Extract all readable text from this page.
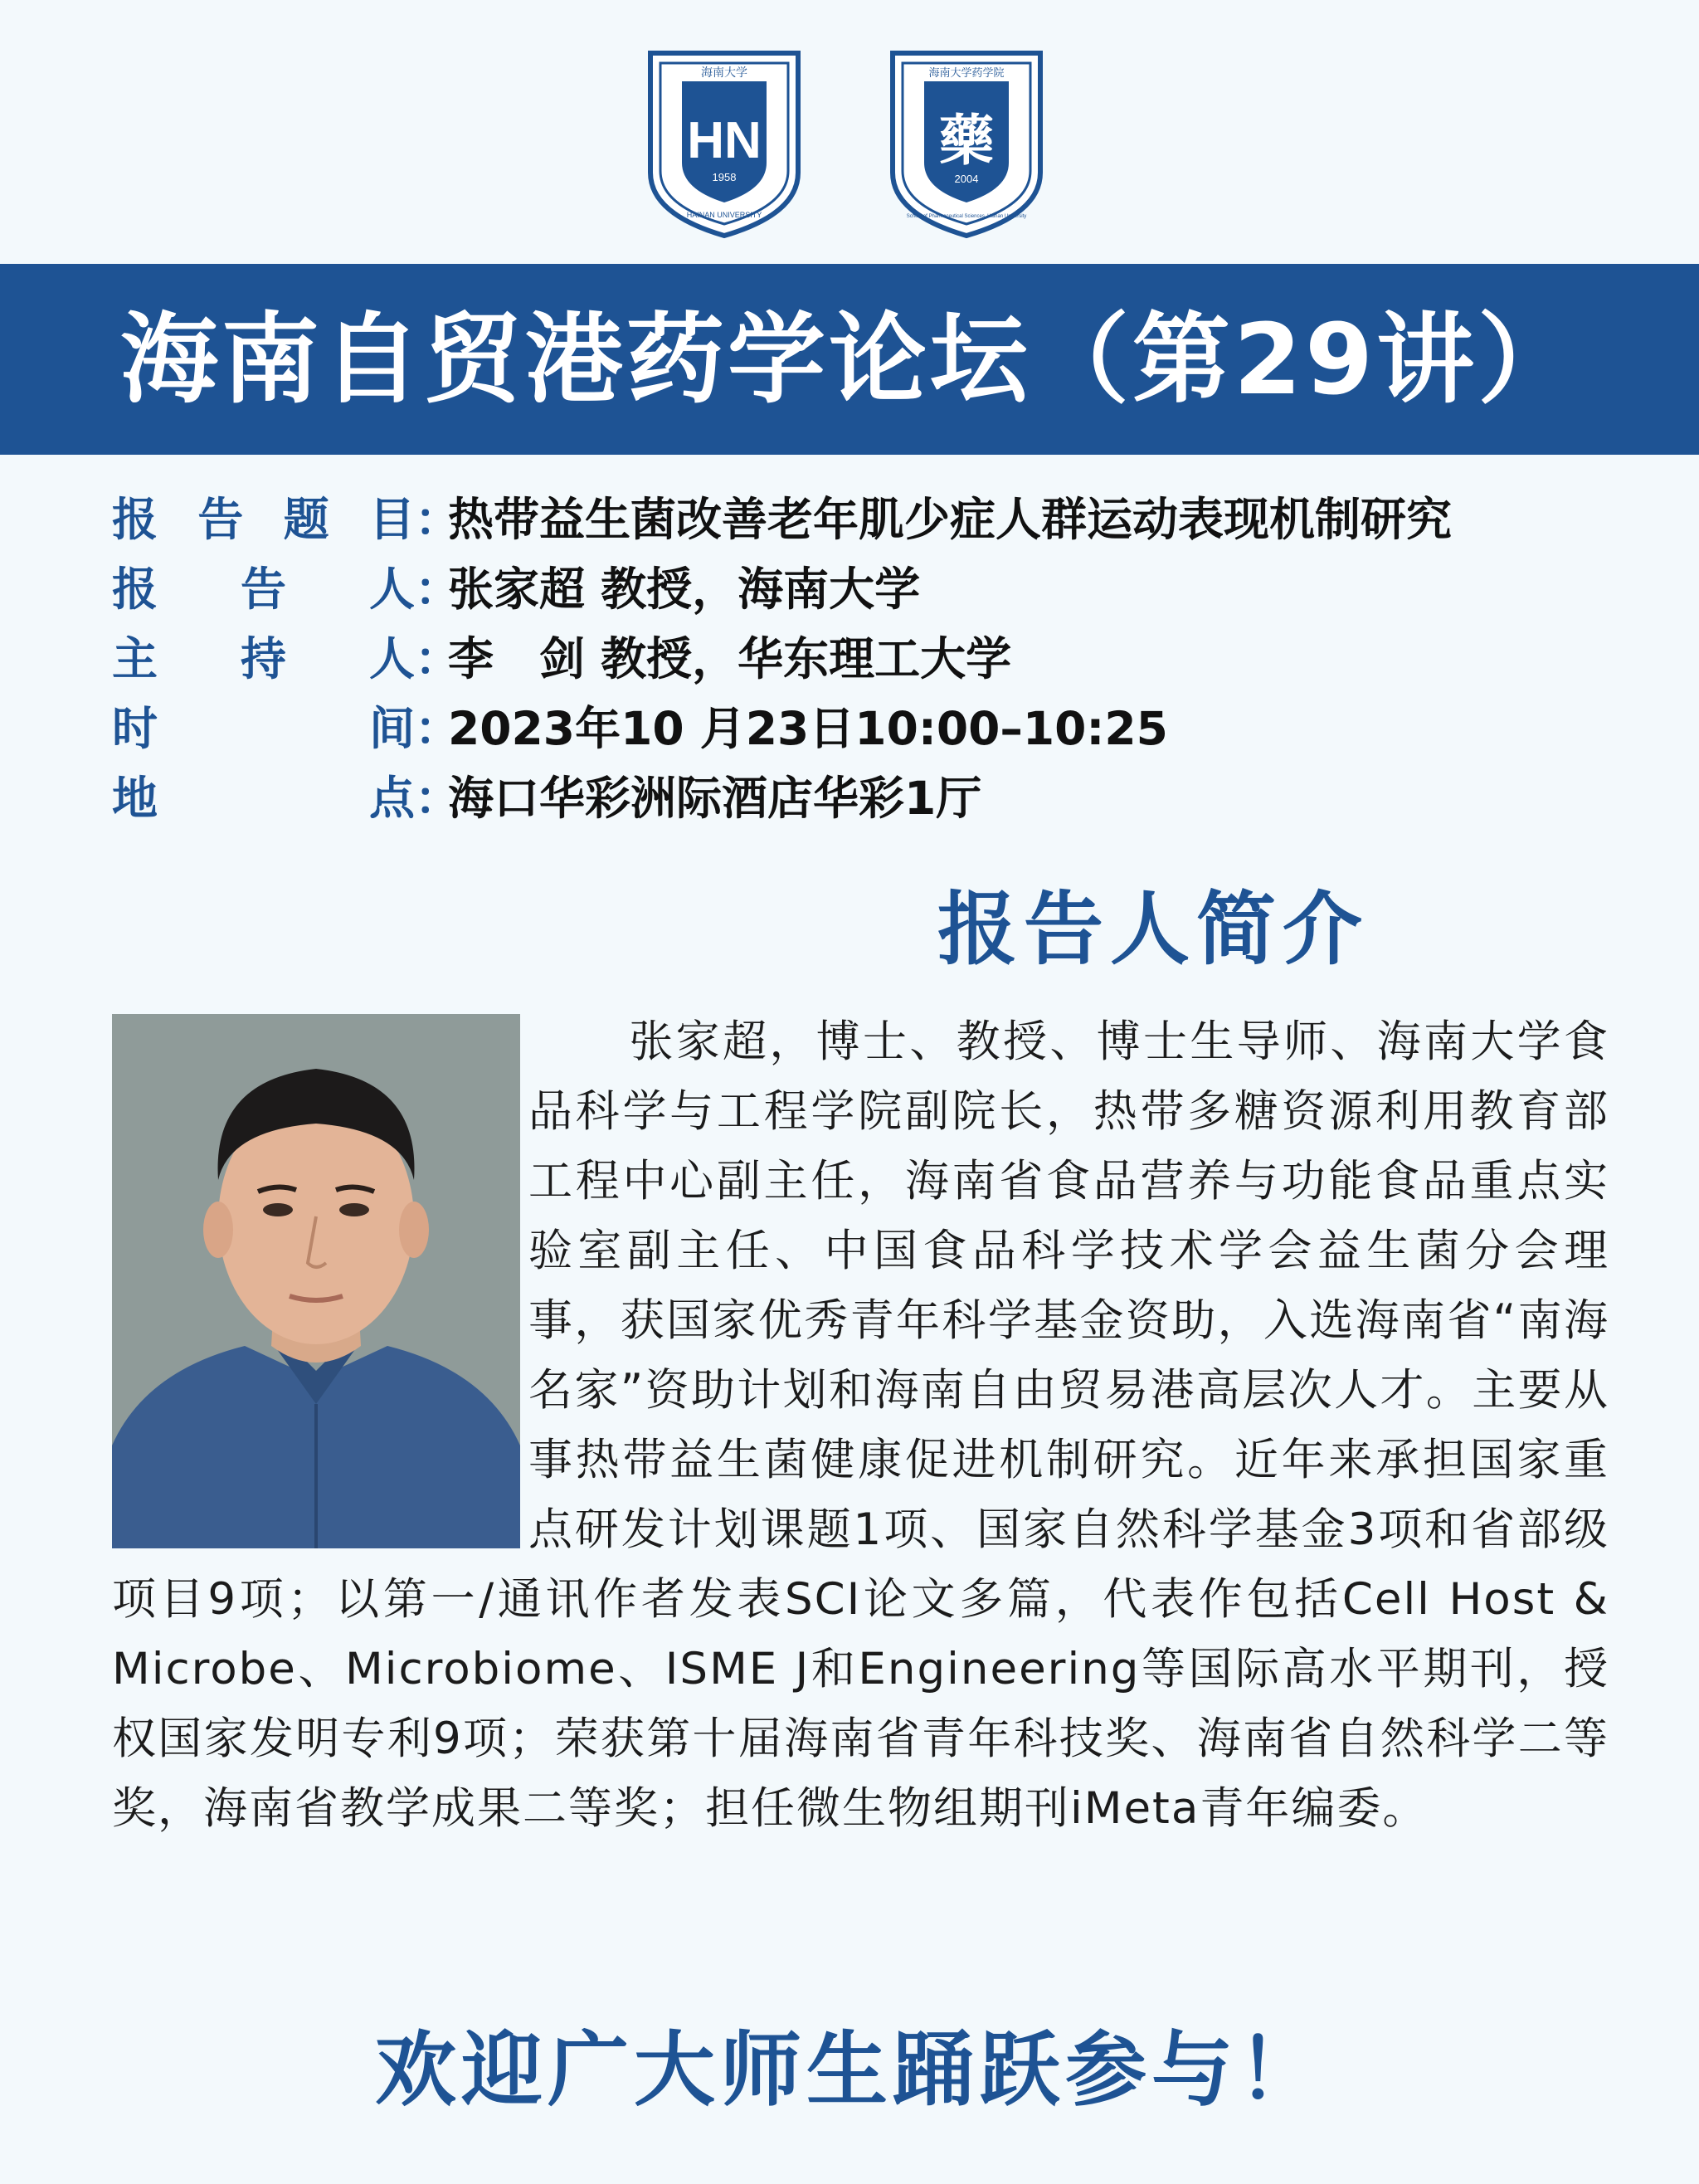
海南大学
HN
1958
HAINAN UNIVERSITY
海南大学药学院
藥
2004
School of Pharmaceutical Sciences, Hainan University
海南自贸港药学论坛（第29讲）
报告题目：热带益生菌改善老年肌少症人群运动表现机制研究
报告人：张家超 教授，海南大学
主持人：李　剑 教授，华东理工大学
时间：2023年10 月23日10:00–10:25
地点：海口华彩洲际酒店华彩1厅
报告人简介
张家超，博士、教授、博士生导师、海南大学食品科学与工程学院副院长，热带多糖资源利用教育部工程中心副主任，海南省食品营养与功能食品重点实验室副主任、中国食品科学技术学会益生菌分会理事，获国家优秀青年科学基金资助，入选海南省“南海名家”资助计划和海南自由贸易港高层次人才。主要从事热带益生菌健康促进机制研究。近年来承担国家重点研发计划课题1项、国家自然科学基金3项和省部级项目9项；以第一/通讯作者发表SCI论文多篇，代表作包括Cell Host & Microbe、Microbiome、ISME J和Engineering等国际高水平期刊，授权国家发明专利9项；荣获第十届海南省青年科技奖、海南省自然科学二等奖，海南省教学成果二等奖；担任微生物组期刊iMeta青年编委。
欢迎广大师生踊跃参与！
